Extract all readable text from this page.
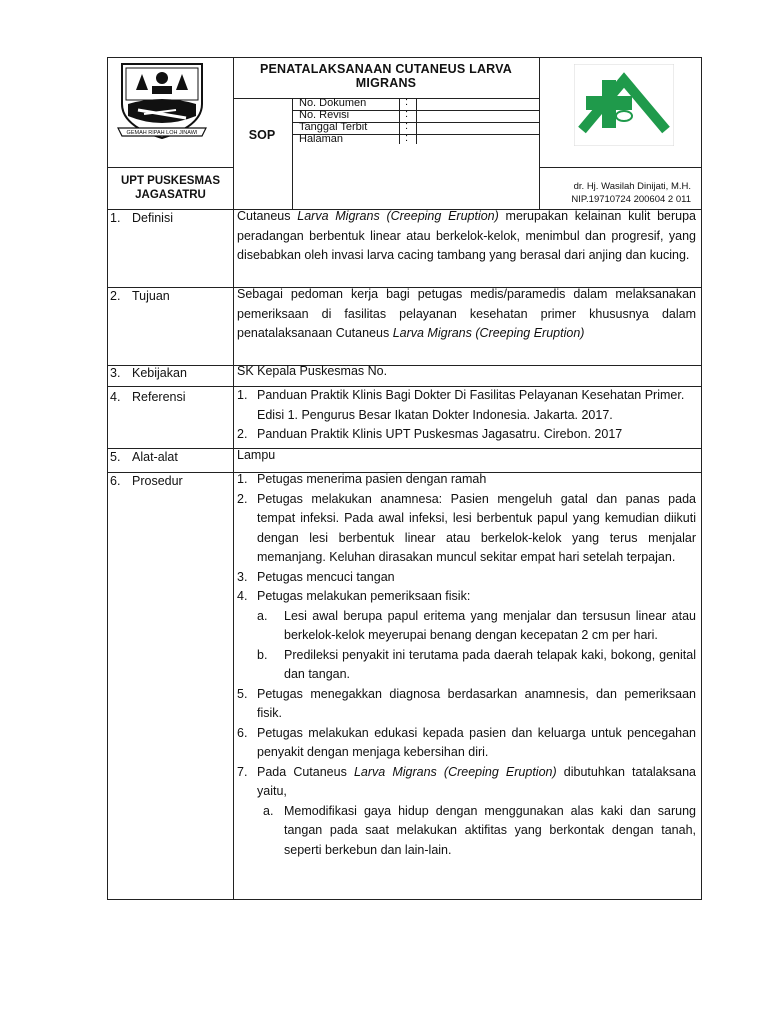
GEMAH RIPAH LOH JINAWI
PENATALAKSANAAN CUTANEUS LARVA MIGRANS
SOP
No. Dokumen	:
No. Revisi	:
Tanggal Terbit	:
Halaman	:
UPT PUSKESMAS JAGASATRU
dr. Hj. Wasilah Dinijati, M.H.
NIP.19710724 200604 2 011
1. Definisi	Cutaneus Larva Migrans (Creeping Eruption) merupakan kelainan kulit berupa peradangan berbentuk linear atau berkelok-kelok, menimbul dan progresif, yang disebabkan oleh invasi larva cacing tambang yang berasal dari anjing dan kucing.
2. Tujuan	Sebagai pedoman kerja bagi petugas medis/paramedis dalam melaksanakan pemeriksaan di fasilitas pelayanan kesehatan primer khususnya dalam penatalaksanaan Cutaneus Larva Migrans (Creeping Eruption)
3. Kebijakan	SK Kepala Puskesmas No.
4. Referensi	1. Panduan Praktik Klinis Bagi Dokter Di Fasilitas Pelayanan Kesehatan Primer. Edisi 1. Pengurus Besar Ikatan Dokter Indonesia. Jakarta. 2017.
2. Panduan Praktik Klinis UPT Puskesmas Jagasatru. Cirebon. 2017
5. Alat-alat	Lampu
6. Prosedur	1. Petugas menerima pasien dengan ramah
2. Petugas melakukan anamnesa: Pasien mengeluh gatal dan panas pada tempat infeksi. Pada awal infeksi, lesi berbentuk papul yang kemudian diikuti dengan lesi berbentuk linear atau berkelok-kelok yang terus menjalar memanjang. Keluhan dirasakan muncul sekitar empat hari setelah terpajan.
3. Petugas mencuci tangan
4. Petugas melakukan pemeriksaan fisik:
a. Lesi awal berupa papul eritema yang menjalar dan tersusun linear atau berkelok-kelok meyerupai benang dengan kecepatan 2 cm per hari.
b. Predileksi penyakit ini terutama pada daerah telapak kaki, bokong, genital dan tangan.
5. Petugas menegakkan diagnosa berdasarkan anamnesis, dan pemeriksaan fisik.
6. Petugas melakukan edukasi kepada pasien dan keluarga untuk pencegahan penyakit dengan menjaga kebersihan diri.
7. Pada Cutaneus Larva Migrans (Creeping Eruption) dibutuhkan tatalaksana yaitu,
a. Memodifikasi gaya hidup dengan menggunakan alas kaki dan sarung tangan pada saat melakukan aktifitas yang berkontak dengan tanah, seperti berkebun dan lain-lain.
